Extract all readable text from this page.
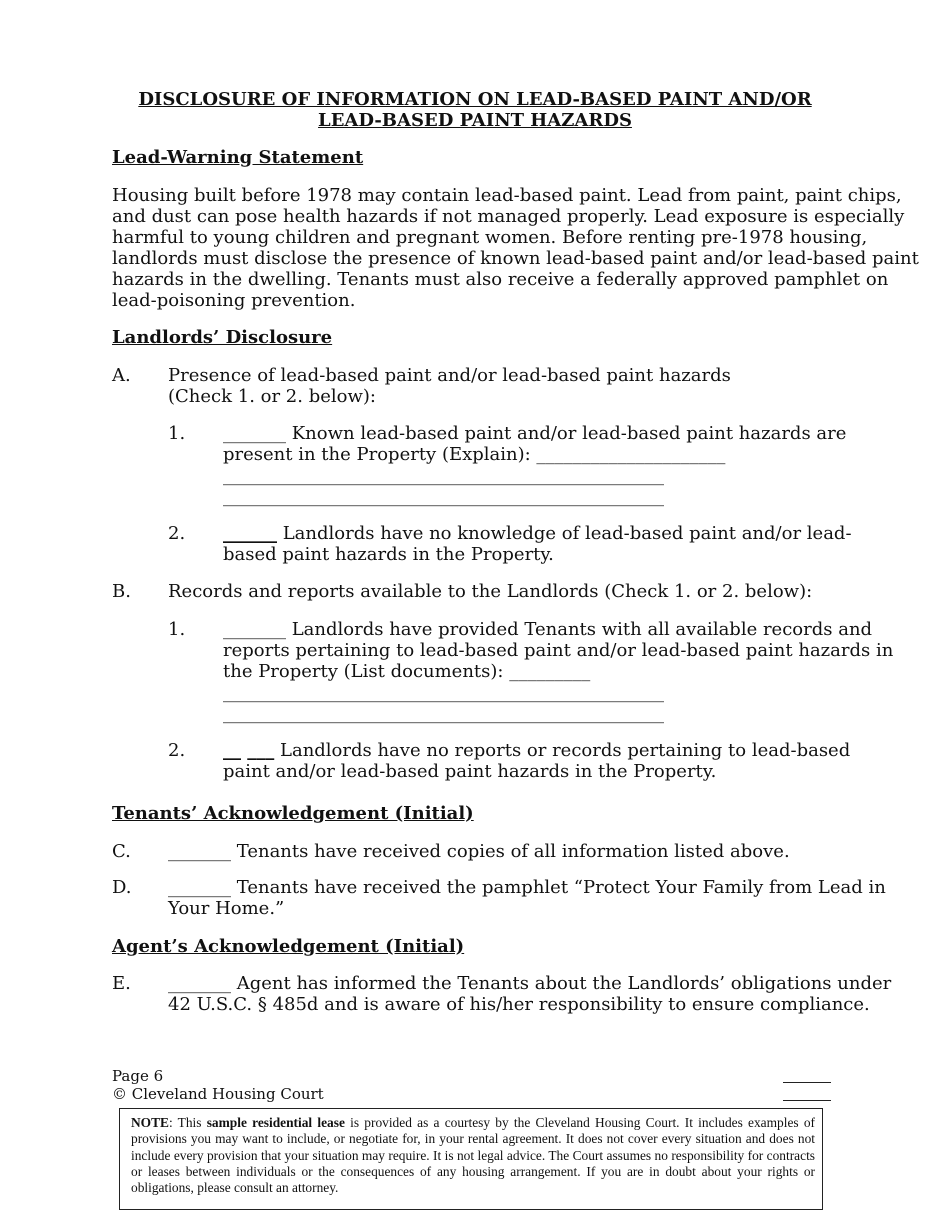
DISCLOSURE OF INFORMATION ON LEAD-BASED PAINT AND/OR
LEAD-BASED PAINT HAZARDS
Lead-Warning Statement
Housing built before 1978 may contain lead-based paint. Lead from paint, paint chips,
and dust can pose health hazards if not managed properly. Lead exposure is especially
harmful to young children and pregnant women. Before renting pre-1978 housing,
landlords must disclose the presence of known lead-based paint and/or lead-based paint
hazards in the dwelling. Tenants must also receive a federally approved pamphlet on
lead-poisoning prevention.
Landlords’ Disclosure
A. Presence of lead-based paint and/or lead-based paint hazards
(Check 1. or 2. below):
1. _______ Known lead-based paint and/or lead-based paint hazards are
present in the Property (Explain): _____________________
_________________________________________________
_________________________________________________
2. ______ Landlords have no knowledge of lead-based paint and/or lead-
based paint hazards in the Property.
B. Records and reports available to the Landlords (Check 1. or 2. below):
1. _______ Landlords have provided Tenants with all available records and
reports pertaining to lead-based paint and/or lead-based paint hazards in
the Property (List documents): _________
_________________________________________________
_________________________________________________
2. __ ___ Landlords have no reports or records pertaining to lead-based
paint and/or lead-based paint hazards in the Property.
Tenants’ Acknowledgement (Initial)
C. _______ Tenants have received copies of all information listed above.
D. _______ Tenants have received the pamphlet “Protect Your Family from Lead in
Your Home.”
Agent’s Acknowledgement (Initial)
E. _______ Agent has informed the Tenants about the Landlords’ obligations under
42 U.S.C. § 485d and is aware of his/her responsibility to ensure compliance.
Page 6
© Cleveland Housing Court
NOTE: This sample residential lease is provided as a courtesy by the Cleveland Housing Court. It includes examples of provisions you may want to include, or negotiate for, in your rental agreement. It does not cover every situation and does not include every provision that your situation may require. It is not legal advice. The Court assumes no responsibility for contracts or leases between individuals or the consequences of any housing arrangement. If you are in doubt about your rights or obligations, please consult an attorney.
